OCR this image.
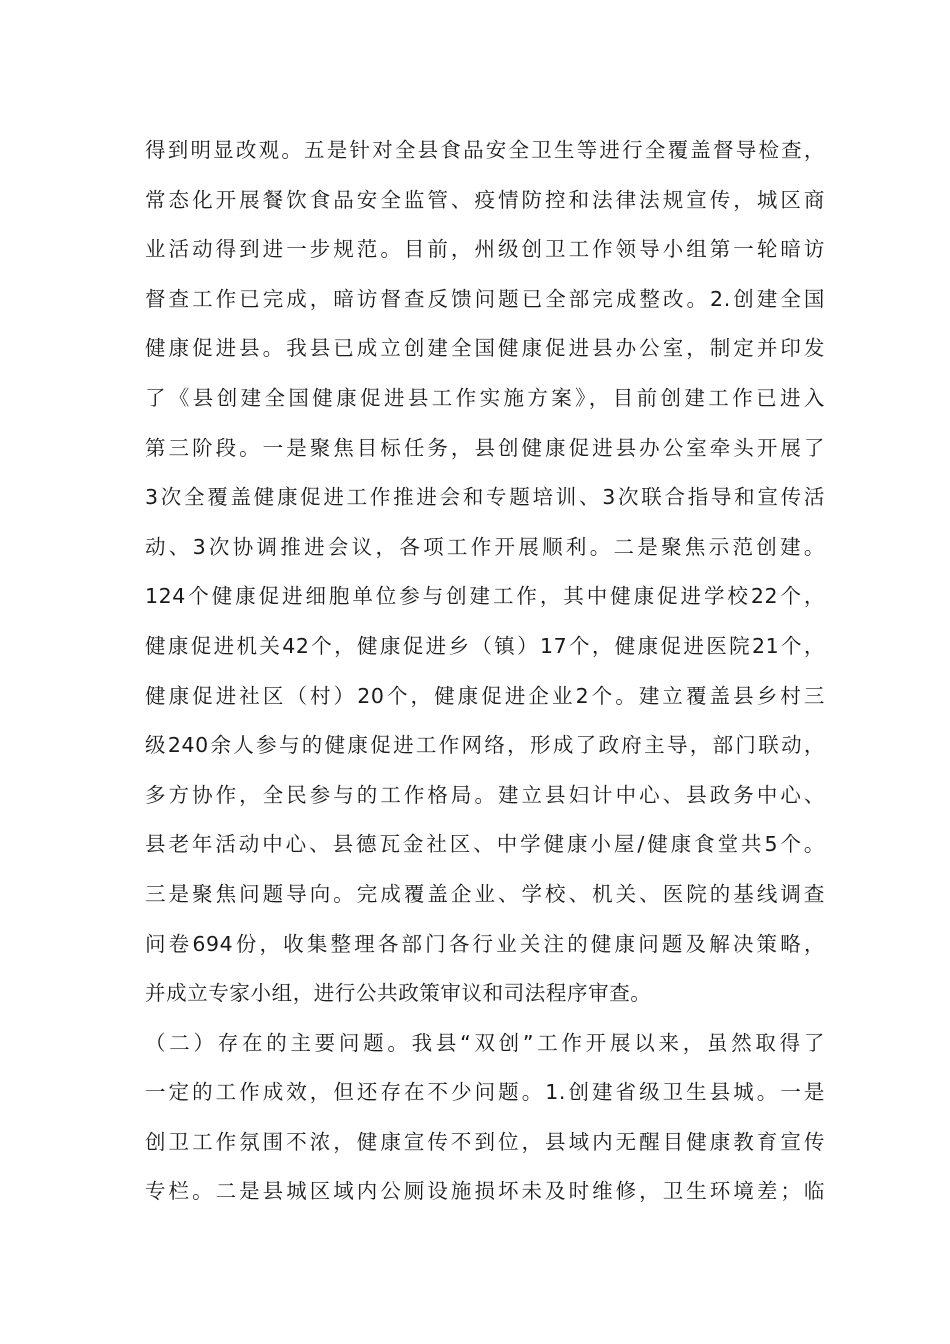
得到明显改观。五是针对全县食品安全卫生等进行全覆盖督导检查，
常态化开展餐饮食品安全监管、疫情防控和法律法规宣传，城区商
业活动得到进一步规范。目前，州级创卫工作领导小组第一轮暗访
督查工作已完成，暗访督查反馈问题已全部完成整改。2.创建全国
健康促进县。我县已成立创建全国健康促进县办公室，制定并印发
了《县创建全国健康促进县工作实施方案》，目前创建工作已进入
第三阶段。一是聚焦目标任务，县创健康促进县办公室牵头开展了
3次全覆盖健康促进工作推进会和专题培训、3次联合指导和宣传活
动、3次协调推进会议，各项工作开展顺利。二是聚焦示范创建。
124个健康促进细胞单位参与创建工作，其中健康促进学校22个，
健康促进机关42个，健康促进乡（镇）17个，健康促进医院21个，
健康促进社区（村）20个，健康促进企业2个。建立覆盖县乡村三
级240余人参与的健康促进工作网络，形成了政府主导，部门联动，
多方协作，全民参与的工作格局。建立县妇计中心、县政务中心、
县老年活动中心、县德瓦金社区、中学健康小屋/健康食堂共5个。
三是聚焦问题导向。完成覆盖企业、学校、机关、医院的基线调查
问卷694份，收集整理各部门各行业关注的健康问题及解决策略，
并成立专家小组，进行公共政策审议和司法程序审查。
（二）存在的主要问题。我县“双创”工作开展以来，虽然取得了
一定的工作成效，但还存在不少问题。1.创建省级卫生县城。一是
创卫工作氛围不浓，健康宣传不到位，县域内无醒目健康教育宣传
专栏。二是县城区域内公厕设施损坏未及时维修，卫生环境差；临
